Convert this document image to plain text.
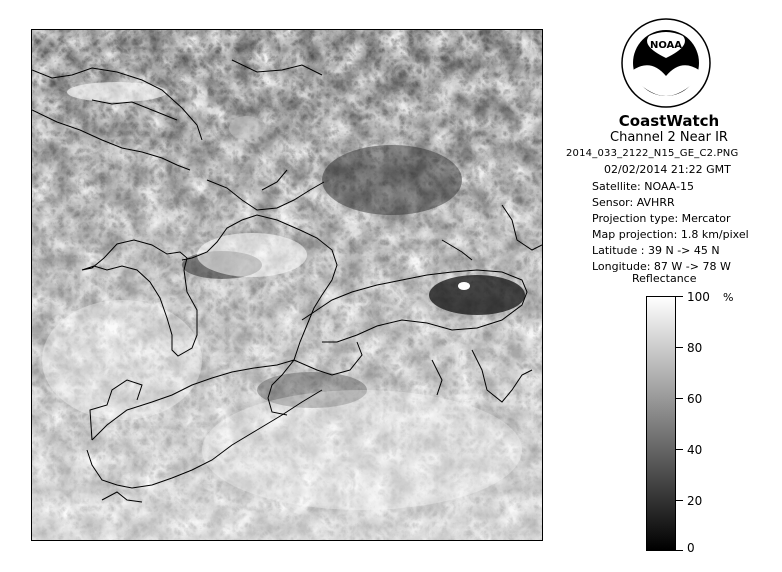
NOAA
CoastWatch
Channel 2 Near IR
2014_033_2122_N15_GE_C2.PNG
02/02/2014 21:22 GMT
Satellite: NOAA-15
Sensor: AVHRR
Projection type: Mercator
Map projection: 1.8 km/pixel
Latitude : 39 N -> 45 N
Longitude: 87 W -> 78 W
Reflectance
%
100
80
60
40
20
0
